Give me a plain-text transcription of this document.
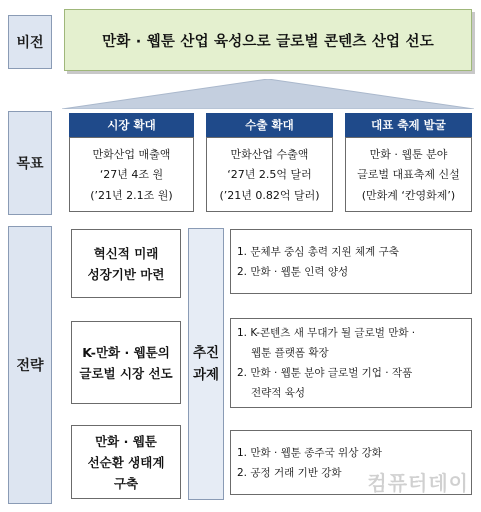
비전	만화 · 웹툰 산업 육성으로 글로벌 콘텐츠 산업 선도
목표
시장 확대
만화산업 매출액
‘27년 4조 원
(’21년 2.1조 원)
수출 확대
만화산업 수출액
‘27년 2.5억 달러
(’21년 0.82억 달러)
대표 축제 발굴
만화 · 웹툰 분야
글로벌 대표축제 신설
(만화계 ‘칸영화제’)
전략
혁신적 미래
성장기반 마련
K-만화 · 웹툰의
글로벌 시장 선도
만화 · 웹툰
선순환 생태계
구축
추진
과제
1. 문체부 중심 총력 지원 체계 구축
2. 만화 · 웹툰 인력 양성
1. K-콘텐츠 새 무대가 될 글로벌 만화 ·
웹툰 플랫폼 확장
2. 만화 · 웹툰 분야 글로벌 기업 · 작품
전략적 육성
1. 만화 · 웹툰 종주국 위상 강화
2. 공정 거래 기반 강화	컴퓨터데이
